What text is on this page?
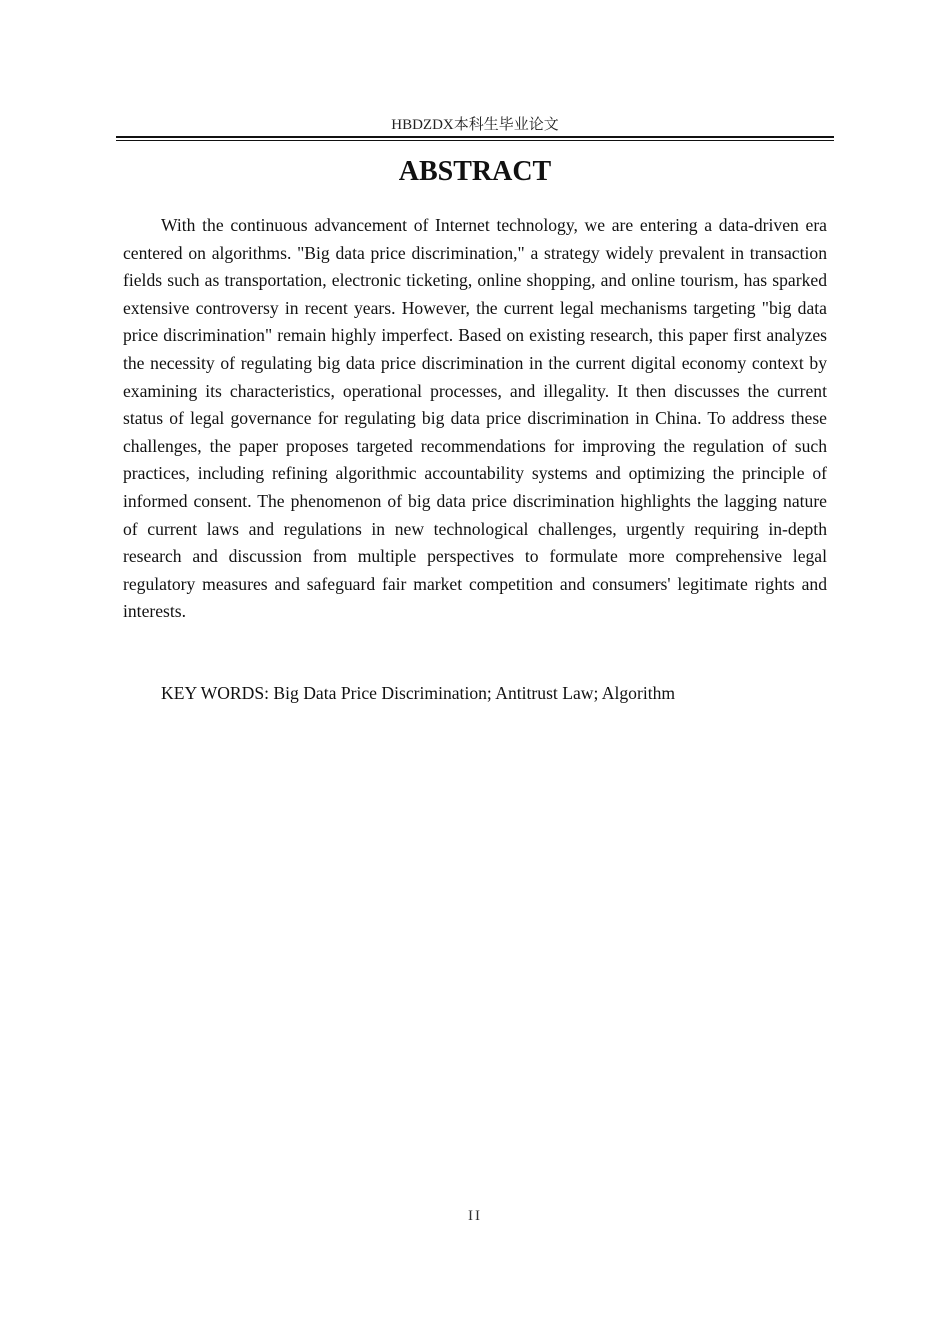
HBDZDX本科生毕业论文
ABSTRACT

With the continuous advancement of Internet technology, we are entering a data-driven era centered on algorithms. "Big data price discrimination," a strategy widely prevalent in transaction fields such as transportation, electronic ticketing, online shopping, and online tourism, has sparked extensive controversy in recent years. However, the current legal mechanisms targeting "big data price discrimination" remain highly imperfect. Based on existing research, this paper first analyzes the necessity of regulating big data price discrimination in the current digital economy context by examining its characteristics, operational processes, and illegality. It then discusses the current status of legal governance for regulating big data price discrimination in China. To address these challenges, the paper proposes targeted recommendations for improving the regulation of such practices, including refining algorithmic accountability systems and optimizing the principle of informed consent. The phenomenon of big data price discrimination highlights the lagging nature of current laws and regulations in new technological challenges, urgently requiring in-depth research and discussion from multiple perspectives to formulate more comprehensive legal regulatory measures and safeguard fair market competition and consumers' legitimate rights and interests.

KEY WORDS: Big Data Price Discrimination; Antitrust Law; Algorithm

II
